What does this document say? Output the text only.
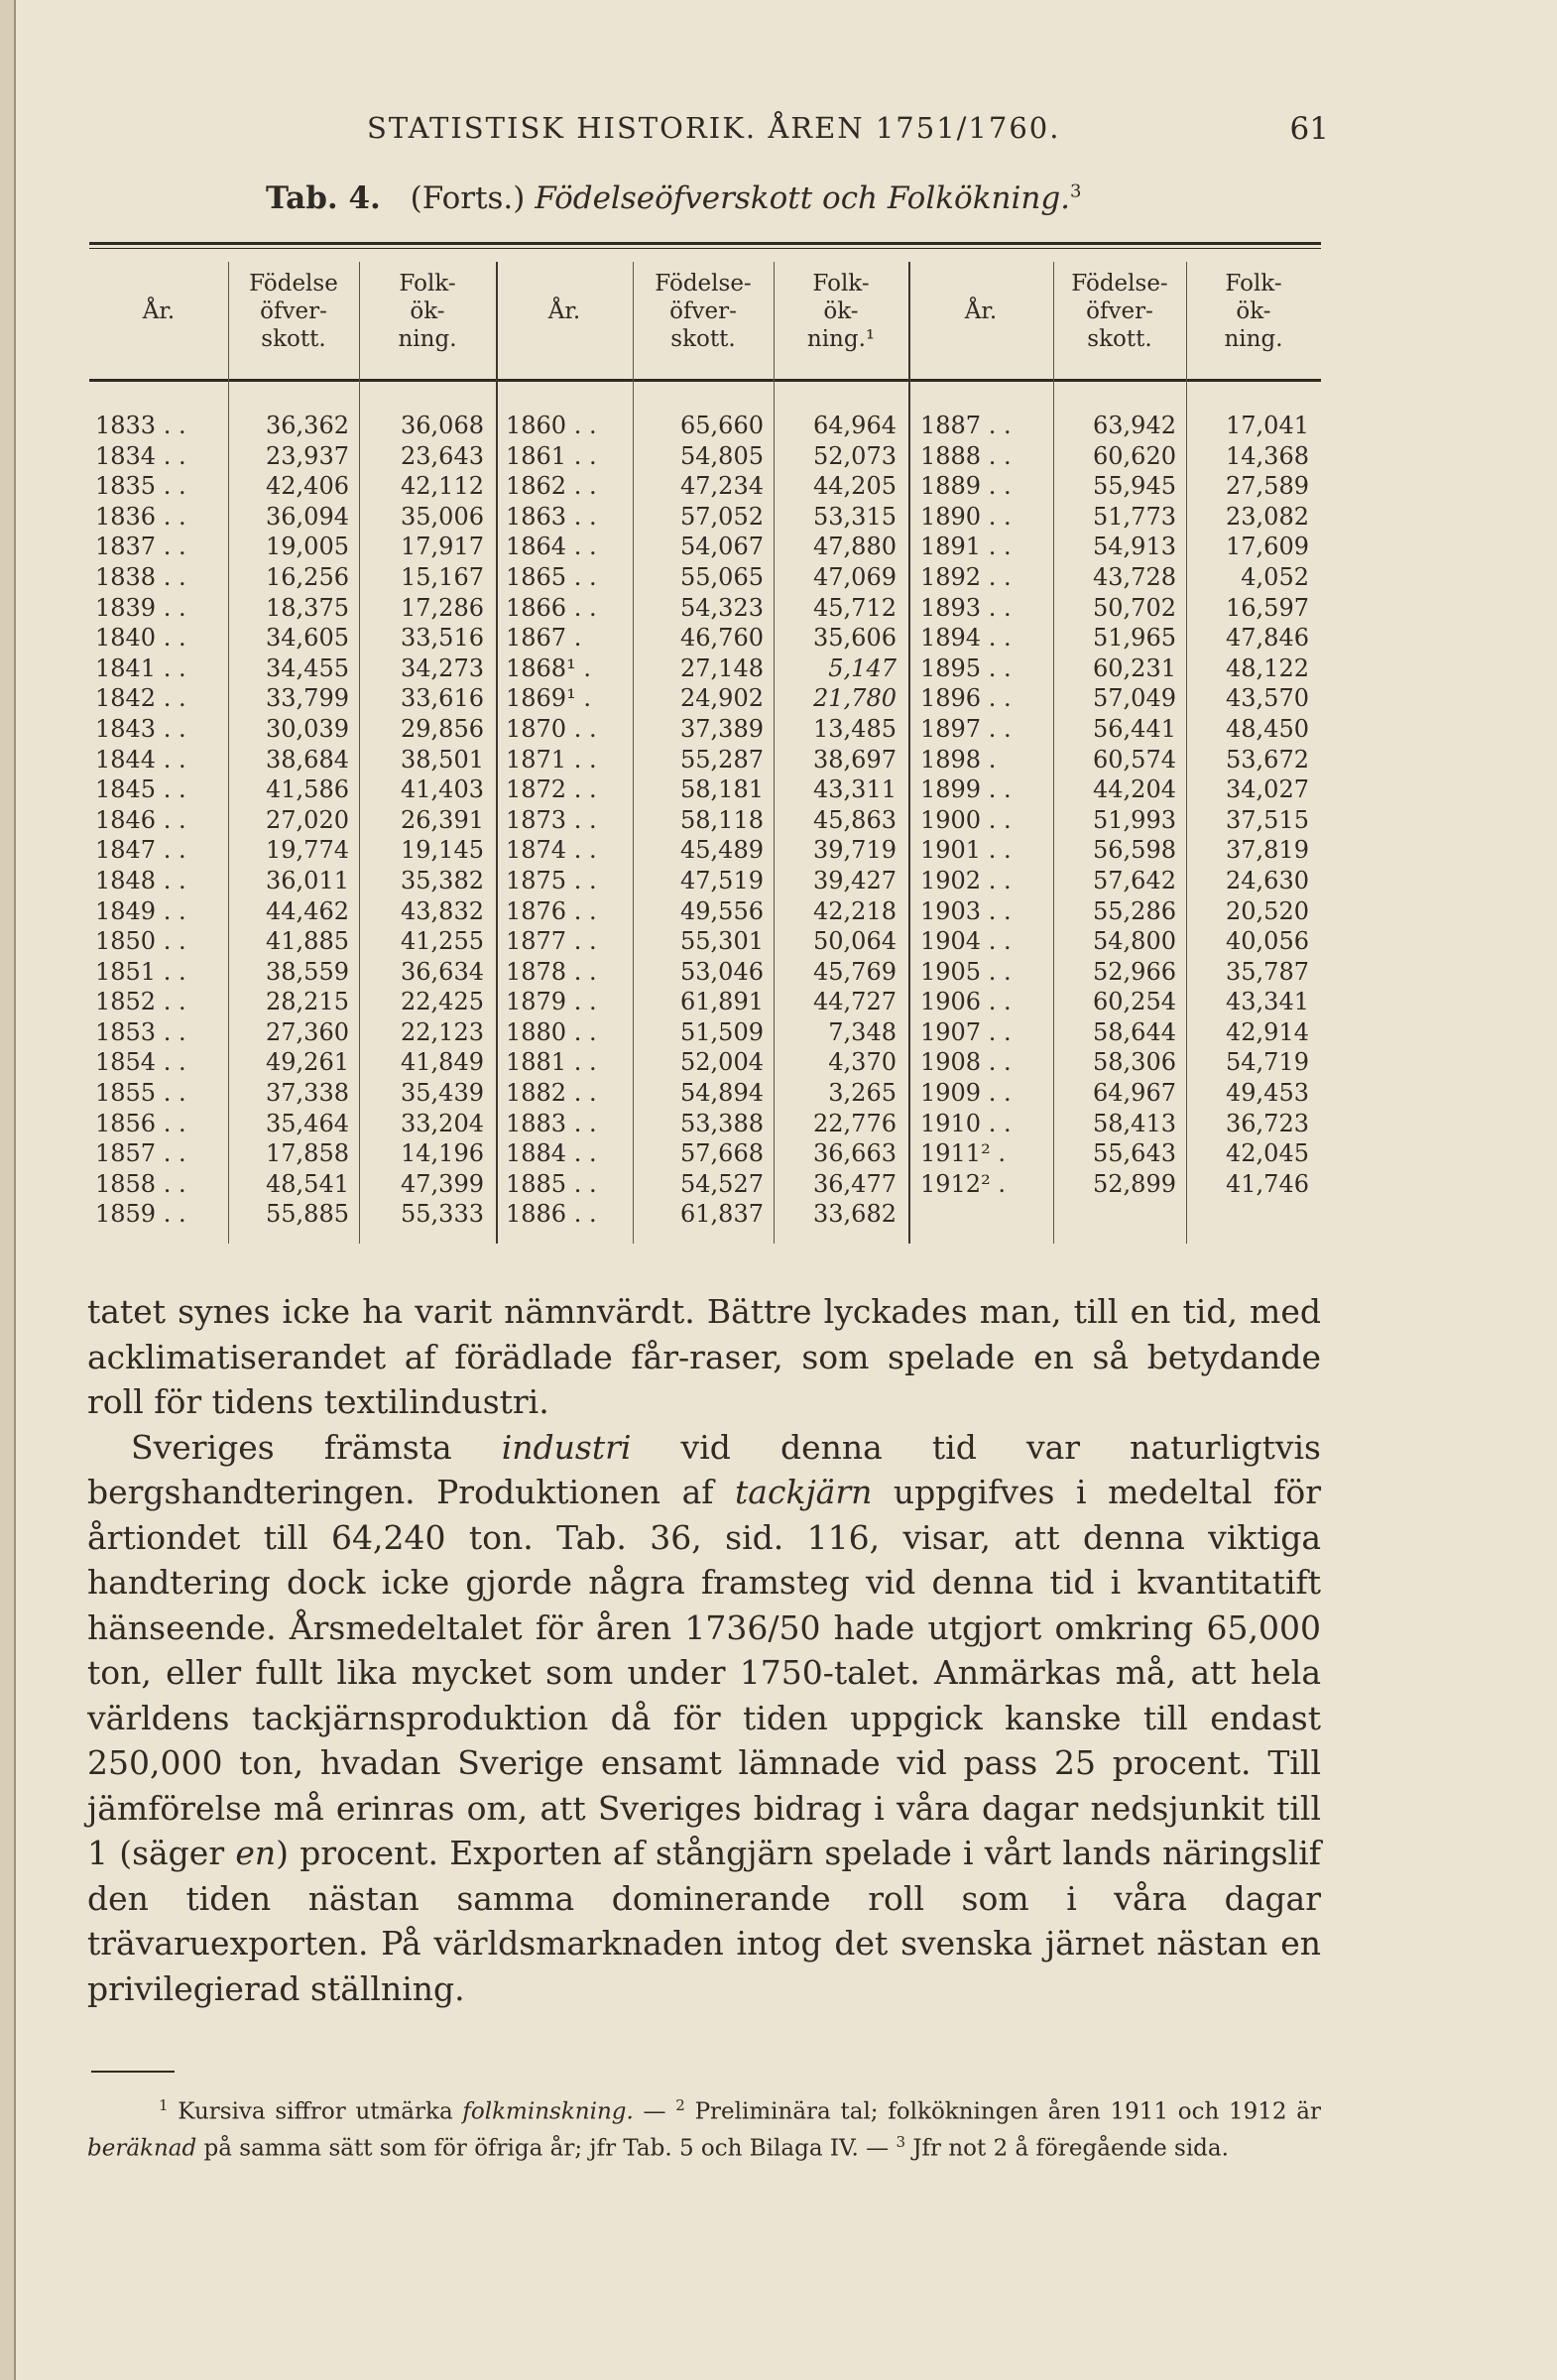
STATISTISK HISTORIK. ÅREN 1751/1760.	61
Tab. 4. (Forts.) Födelseöfverskott och Folkökning.$^3$
År.
Födelse
öfver-
skott.
Folk-
ök-
ning.
År.
Födelse-
öfver-
skott.
Folk-
ök-
ning.¹
År.
Födelse-
öfver-
skott.
Folk-
ök-
ning.
1833 . .
1834 . .
1835 . .
1836 . .
1837 . .
1838 . .
1839 . .
1840 . .
1841 . .
1842 . .
1843 . .
1844 . .
1845 . .
1846 . .
1847 . .
1848 . .
1849 . .
1850 . .
1851 . .
1852 . .
1853 . .
1854 . .
1855 . .
1856 . .
1857 . .
1858 . .
1859 . .
36,362
23,937
42,406
36,094
19,005
16,256
18,375
34,605
34,455
33,799
30,039
38,684
41,586
27,020
19,774
36,011
44,462
41,885
38,559
28,215
27,360
49,261
37,338
35,464
17,858
48,541
55,885
36,068
23,643
42,112
35,006
17,917
15,167
17,286
33,516
34,273
33,616
29,856
38,501
41,403
26,391
19,145
35,382
43,832
41,255
36,634
22,425
22,123
41,849
35,439
33,204
14,196
47,399
55,333
1860 . .
1861 . .
1862 . .
1863 . .
1864 . .
1865 . .
1866 . .
1867 .
1868¹ .
1869¹ .
1870 . .
1871 . .
1872 . .
1873 . .
1874 . .
1875 . .
1876 . .
1877 . .
1878 . .
1879 . .
1880 . .
1881 . .
1882 . .
1883 . .
1884 . .
1885 . .
1886 . .
65,660
54,805
47,234
57,052
54,067
55,065
54,323
46,760
27,148
24,902
37,389
55,287
58,181
58,118
45,489
47,519
49,556
55,301
53,046
61,891
51,509
52,004
54,894
53,388
57,668
54,527
61,837
64,964
52,073
44,205
53,315
47,880
47,069
45,712
35,606
5,147
21,780
13,485
38,697
43,311
45,863
39,719
39,427
42,218
50,064
45,769
44,727
7,348
4,370
3,265
22,776
36,663
36,477
33,682
1887 . .
1888 . .
1889 . .
1890 . .
1891 . .
1892 . .
1893 . .
1894 . .
1895 . .
1896 . .
1897 . .
1898 .
1899 . .
1900 . .
1901 . .
1902 . .
1903 . .
1904 . .
1905 . .
1906 . .
1907 . .
1908 . .
1909 . .
1910 . .
1911² .
1912² .
63,942
60,620
55,945
51,773
54,913
43,728
50,702
51,965
60,231
57,049
56,441
60,574
44,204
51,993
56,598
57,642
55,286
54,800
52,966
60,254
58,644
58,306
64,967
58,413
55,643
52,899
17,041
14,368
27,589
23,082
17,609
4,052
16,597
47,846
48,122
43,570
48,450
53,672
34,027
37,515
37,819
24,630
20,520
40,056
35,787
43,341
42,914
54,719
49,453
36,723
42,045
41,746

tatet synes icke ha varit nämnvärdt. Bättre lyckades man, till en tid, med acklimatiserandet af förädlade får-raser, som spelade en så betydande roll för tidens textilindustri.

Sveriges främsta industri vid denna tid var naturligtvis bergshandteringen. Produktionen af tackjärn uppgifves i medeltal för årtiondet till 64,240 ton. Tab. 36, sid. 116, visar, att denna viktiga handtering dock icke gjorde några framsteg vid denna tid i kvantitatift hänseende. Årsmedeltalet för åren 1736/50 hade utgjort omkring 65,000 ton, eller fullt lika mycket som under 1750-talet. Anmärkas må, att hela världens tackjärnsproduktion då för tiden uppgick kanske till endast 250,000 ton, hvadan Sverige ensamt lämnade vid pass 25 procent. Till jämförelse må erinras om, att Sveriges bidrag i våra dagar nedsjunkit till 1 (säger en) procent. Exporten af stångjärn spelade i vårt lands näringslif den tiden nästan samma dominerande roll som i våra dagar trävaruexporten. På världsmarknaden intog det svenska järnet nästan en privilegierad ställning.

$^1$ Kursiva siffror utmärka folkminskning. — $^2$ Preliminära tal; folkökningen åren 1911 och 1912 är beräknad på samma sätt som för öfriga år; jfr Tab. 5 och Bilaga IV. — $^3$ Jfr not 2 å föregående sida.
